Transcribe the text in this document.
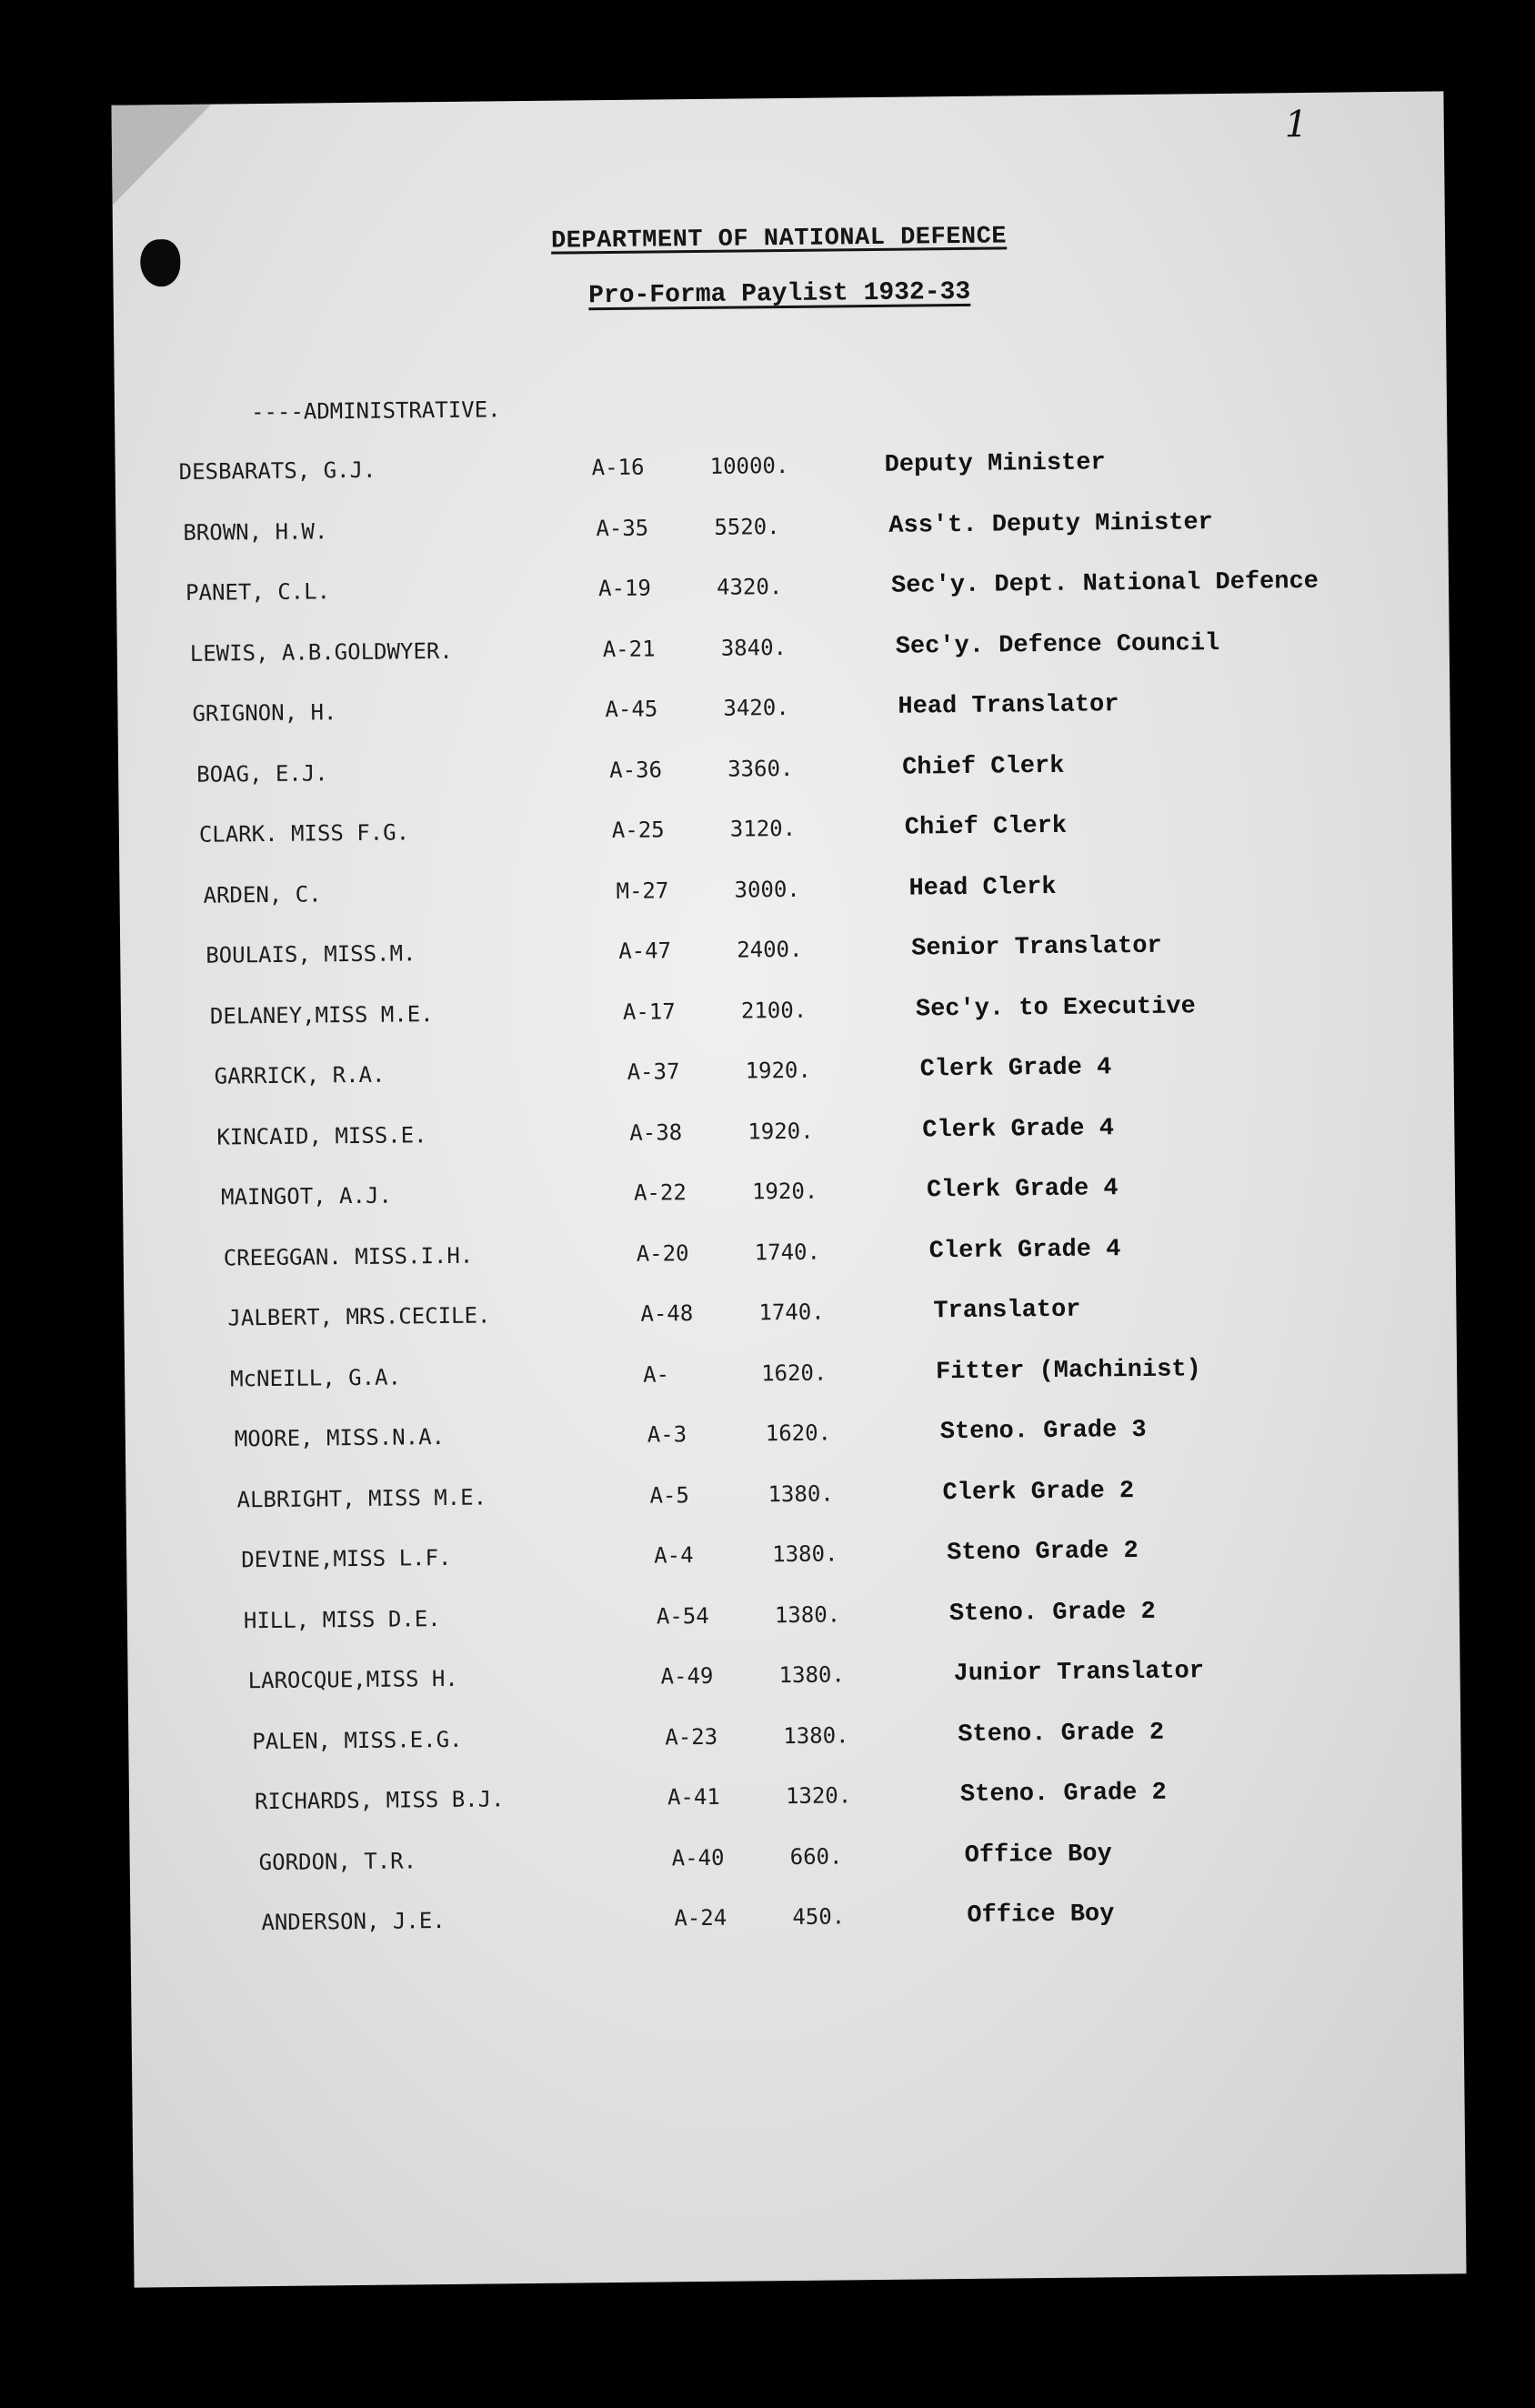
1
DEPARTMENT OF NATIONAL DEFENCE
Pro-Forma Paylist 1932-33
----ADMINISTRATIVE.
DESBARATS, G.J.	A-16	10000.	Deputy Minister
BROWN, H.W.	A-35	5520.	Ass't. Deputy Minister
PANET, C.L.	A-19	4320.	Sec'y. Dept. National Defence
LEWIS, A.B.GOLDWYER.	A-21	3840.	Sec'y. Defence Council
GRIGNON, H.	A-45	3420.	Head Translator
BOAG, E.J.	A-36	3360.	Chief Clerk
CLARK. MISS F.G.	A-25	3120.	Chief Clerk
ARDEN, C.	M-27	3000.	Head Clerk
BOULAIS, MISS.M.	A-47	2400.	Senior Translator
DELANEY,MISS M.E.	A-17	2100.	Sec'y. to Executive
GARRICK, R.A.	A-37	1920.	Clerk Grade 4
KINCAID, MISS.E.	A-38	1920.	Clerk Grade 4
MAINGOT, A.J.	A-22	1920.	Clerk Grade 4
CREEGGAN. MISS.I.H.	A-20	1740.	Clerk Grade 4
JALBERT, MRS.CECILE.	A-48	1740.	Translator
McNEILL, G.A.	A-	1620.	Fitter (Machinist)
MOORE, MISS.N.A.	A-3	1620.	Steno. Grade 3
ALBRIGHT, MISS M.E.	A-5	1380.	Clerk Grade 2
DEVINE,MISS L.F.	A-4	1380.	Steno Grade 2
HILL, MISS D.E.	A-54	1380.	Steno. Grade 2
LAROCQUE,MISS H.	A-49	1380.	Junior Translator
PALEN, MISS.E.G.	A-23	1380.	Steno. Grade 2
RICHARDS, MISS B.J.	A-41	1320.	Steno. Grade 2
GORDON, T.R.	A-40	660.	Office Boy
ANDERSON, J.E.	A-24	450.	Office Boy
